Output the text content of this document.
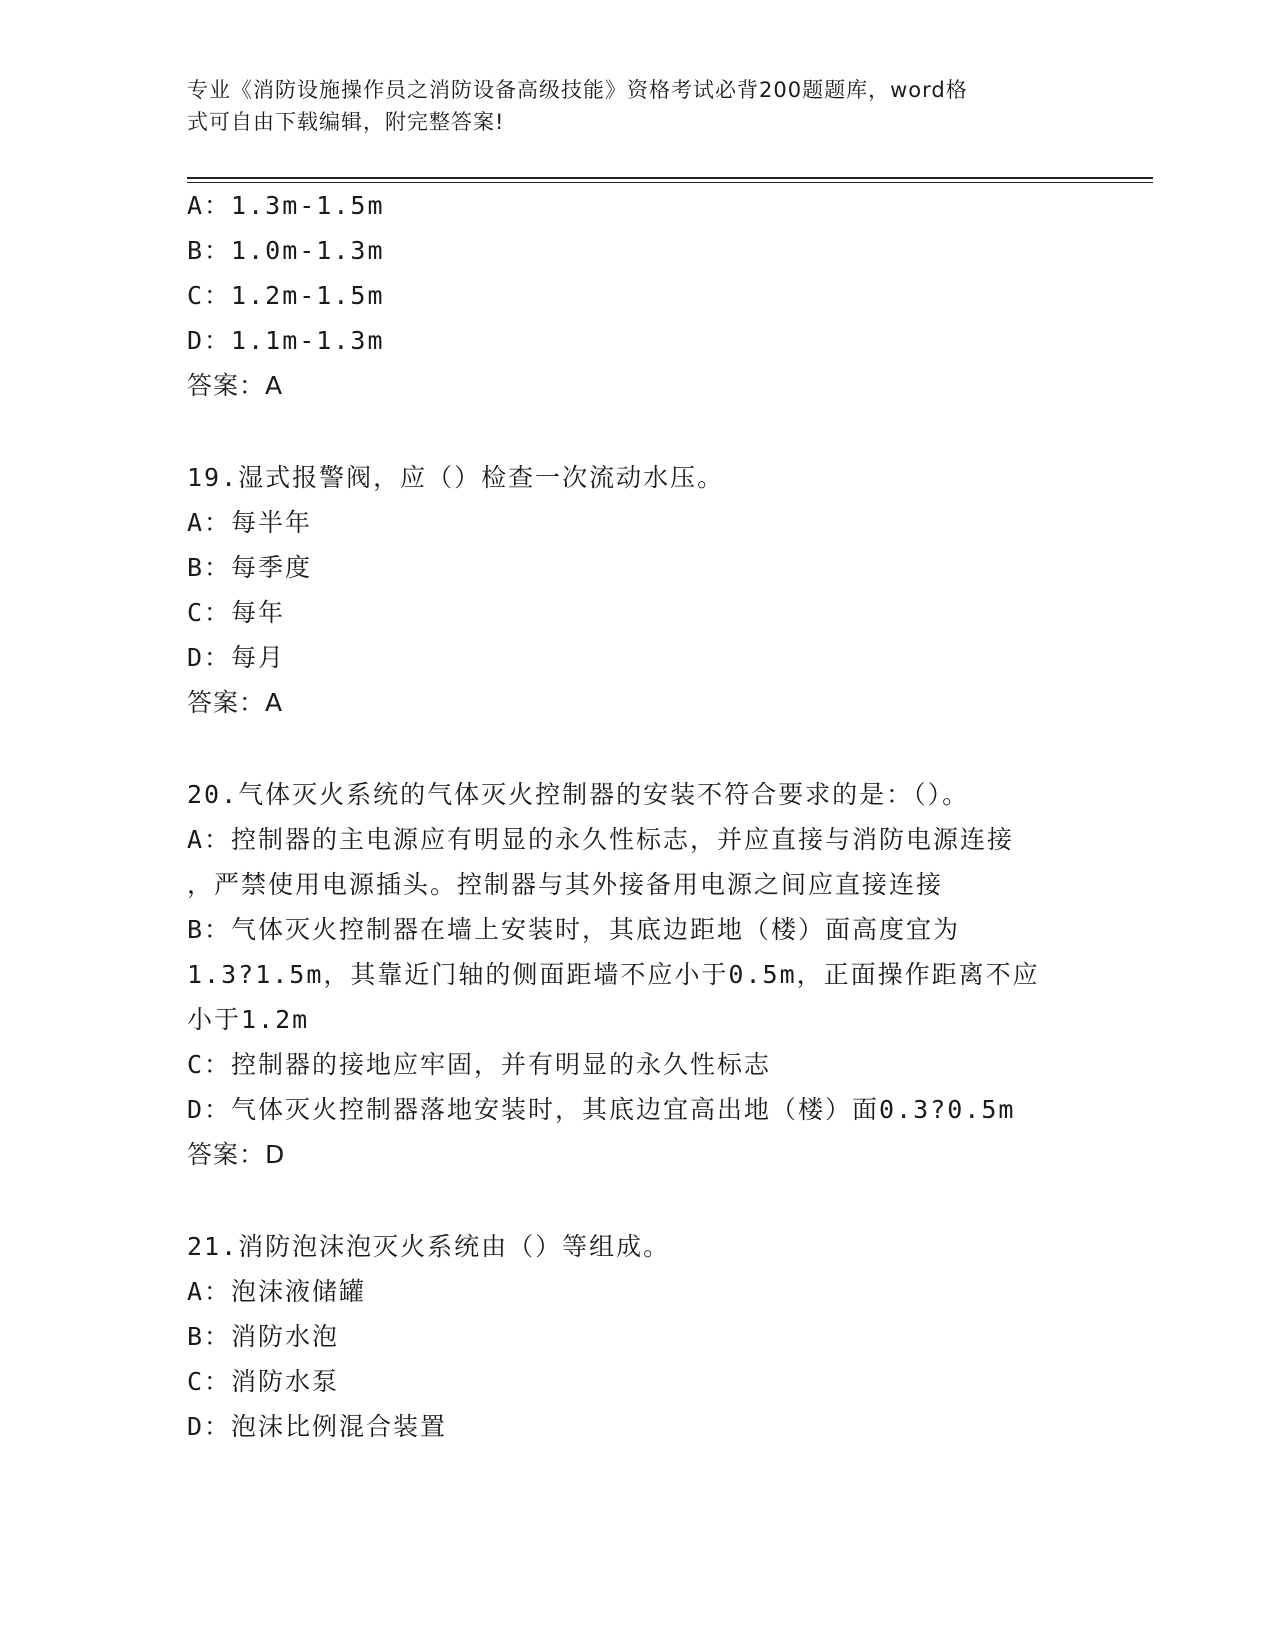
专业《消防设施操作员之消防设备高级技能》资格考试必背200题题库，word格
式可自由下载编辑，附完整答案!
A：1.3m-1.5m
B：1.0m-1.3m
C：1.2m-1.5m
D：1.1m-1.3m
答案：A
19.湿式报警阀，应（）检查一次流动水压。
A：每半年
B：每季度
C：每年
D：每月
答案：A
20.气体灭火系统的气体灭火控制器的安装不符合要求的是：（）。
A：控制器的主电源应有明显的永久性标志，并应直接与消防电源连接
，严禁使用电源插头。控制器与其外接备用电源之间应直接连接
B：气体灭火控制器在墙上安装时，其底边距地（楼）面高度宜为
1.3?1.5m，其靠近门轴的侧面距墙不应小于0.5m，正面操作距离不应
小于1.2m
C：控制器的接地应牢固，并有明显的永久性标志
D：气体灭火控制器落地安装时，其底边宜高出地（楼）面0.3?0.5m
答案：D
21.消防泡沫泡灭火系统由（）等组成。
A：泡沫液储罐
B：消防水泡
C：消防水泵
D：泡沫比例混合装置
